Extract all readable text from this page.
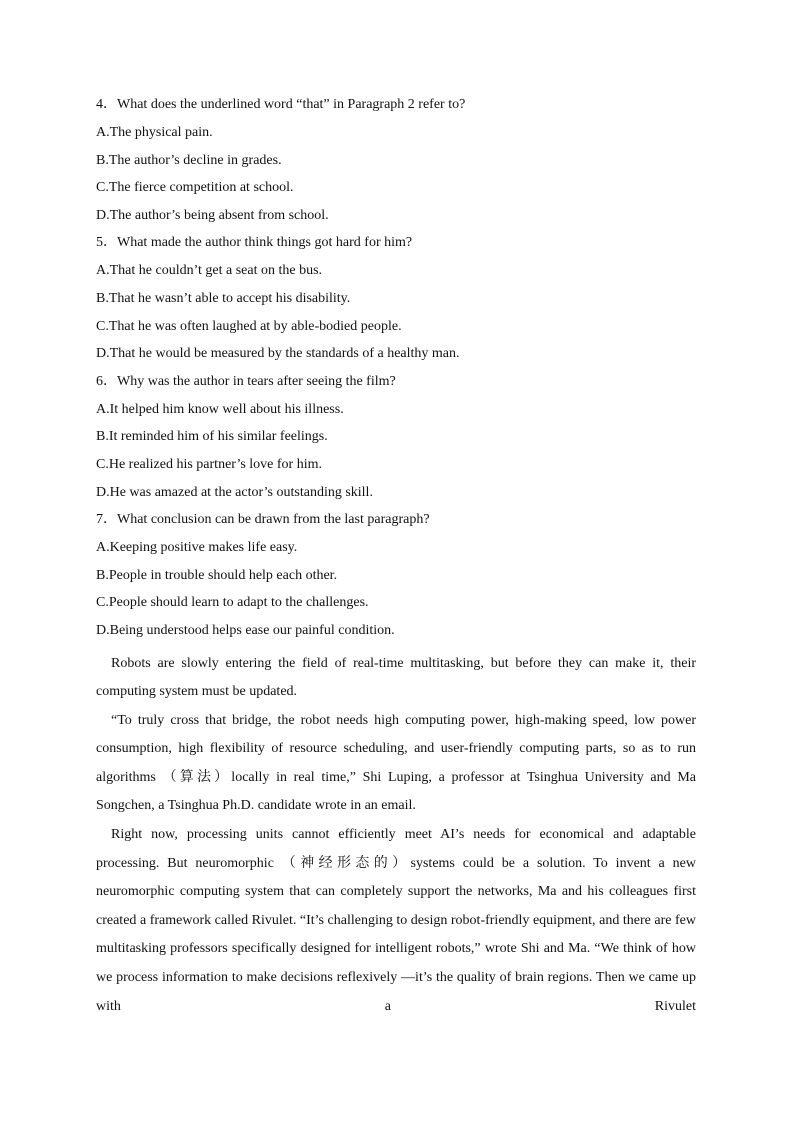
4．What does the underlined word “that” in Paragraph 2 refer to?
A.The physical pain.
B.The author’s decline in grades.
C.The fierce competition at school.
D.The author’s being absent from school.
5．What made the author think things got hard for him?
A.That he couldn’t get a seat on the bus.
B.That he wasn’t able to accept his disability.
C.That he was often laughed at by able-bodied people.
D.That he would be measured by the standards of a healthy man.
6．Why was the author in tears after seeing the film?
A.It helped him know well about his illness.
B.It reminded him of his similar feelings.
C.He realized his partner’s love for him.
D.He was amazed at the actor’s outstanding skill.
7．What conclusion can be drawn from the last paragraph?
A.Keeping positive makes life easy.
B.People in trouble should help each other.
C.People should learn to adapt to the challenges.
D.Being understood helps ease our painful condition.

Robots are slowly entering the field of real-time multitasking, but before they can make it, their computing system must be updated.

“To truly cross that bridge, the robot needs high computing power, high-making speed, low power consumption, high flexibility of resource scheduling, and user-friendly computing parts, so as to run algorithms （算法）locally in real time,” Shi Luping, a professor at Tsinghua University and Ma Songchen, a Tsinghua Ph.D. candidate wrote in an email.

Right now, processing units cannot efficiently meet AI’s needs for economical and adaptable processing. But neuromorphic （神经形态的）systems could be a solution. To invent a new neuromorphic computing system that can completely support the networks, Ma and his colleagues first created a framework called Rivulet. “It’s challenging to design robot-friendly equipment, and there are few multitasking professors specifically designed for intelligent robots,” wrote Shi and Ma. “We think of how we process information to make decisions reflexively —it’s the quality of brain regions. Then we came up with a Rivulet
